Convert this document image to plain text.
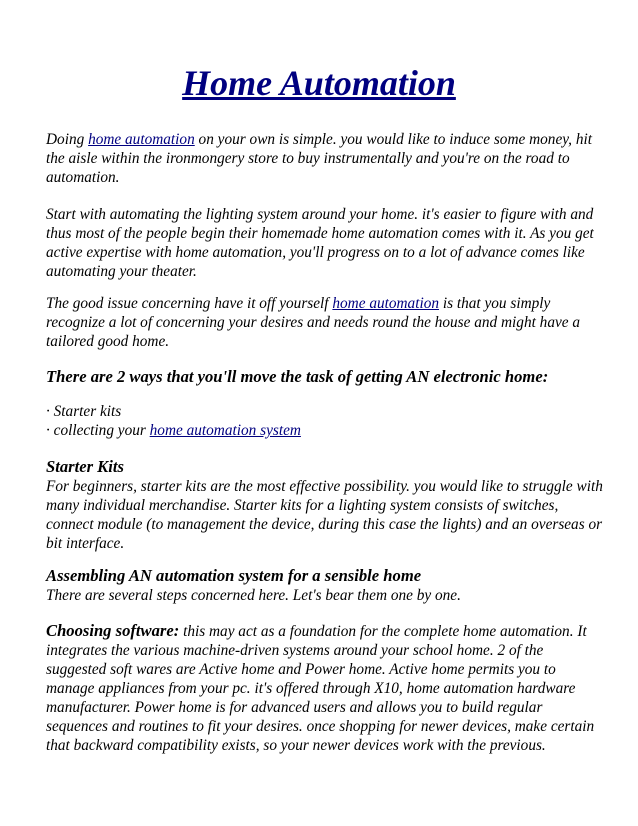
Home Automation

Doing home automation on your own is simple. you would like to induce some money, hit the aisle within the ironmongery store to buy instrumentally and you're on the road to automation.

Start with automating the lighting system around your home. it's easier to figure with and thus most of the people begin their homemade home automation comes with it. As you get active expertise with home automation, you'll progress on to a lot of advance comes like automating your theater.

The good issue concerning have it off yourself home automation is that you simply recognize a lot of concerning your desires and needs round the house and might have a tailored good home.

There are 2 ways that you'll move the task of getting AN electronic home:

· Starter kits
· collecting your home automation system

Starter Kits
For beginners, starter kits are the most effective possibility. you would like to struggle with many individual merchandise. Starter kits for a lighting system consists of switches, connect module (to management the device, during this case the lights) and an overseas or bit interface.

Assembling AN automation system for a sensible home
There are several steps concerned here. Let's bear them one by one.

Choosing software: this may act as a foundation for the complete home automation. It integrates the various machine-driven systems around your school home. 2 of the suggested soft wares are Active home and Power home. Active home permits you to manage appliances from your pc. it's offered through X10, home automation hardware manufacturer. Power home is for advanced users and allows you to build regular sequences and routines to fit your desires. once shopping for newer devices, make certain that backward compatibility exists, so your newer devices work with the previous.
